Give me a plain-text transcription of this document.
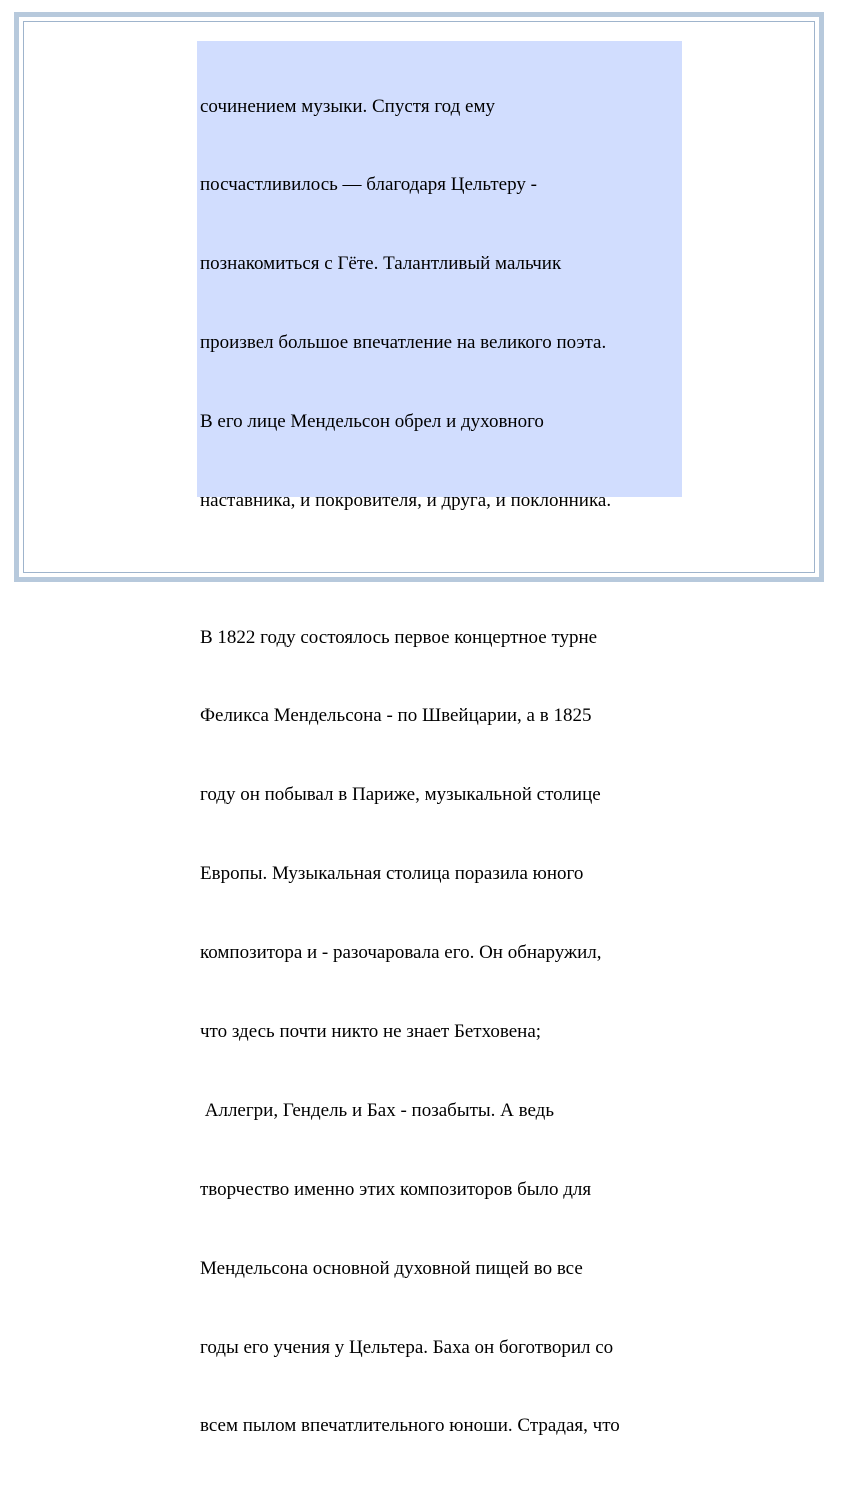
сочинением музыки. Спустя год ему

посчастливилось — благодаря Цельтеру -

познакомиться с Гёте. Талантливый мальчик

произвел большое впечатление на великого поэта.

В его лице Мендельсон обрел и духовного

наставника, и покровителя, и друга, и поклонника.

В 1822 году состоялось первое концертное турне

Феликса Мендельсона - по Швейцарии, а в 1825

году он побывал в Париже, музыкальной столице

Европы. Музыкальная столица поразила юного

композитора и - разочаровала его. Он обнаружил,

что здесь почти никто не знает Бетховена;

Аллегри, Гендель и Бах - позабыты. А ведь

творчество именно этих композиторов было для

Мендельсона основной духовной пищей во все

годы его учения у Цельтера. Баха он боготворил со

всем пылом впечатлительного юноши. Страдая, что
